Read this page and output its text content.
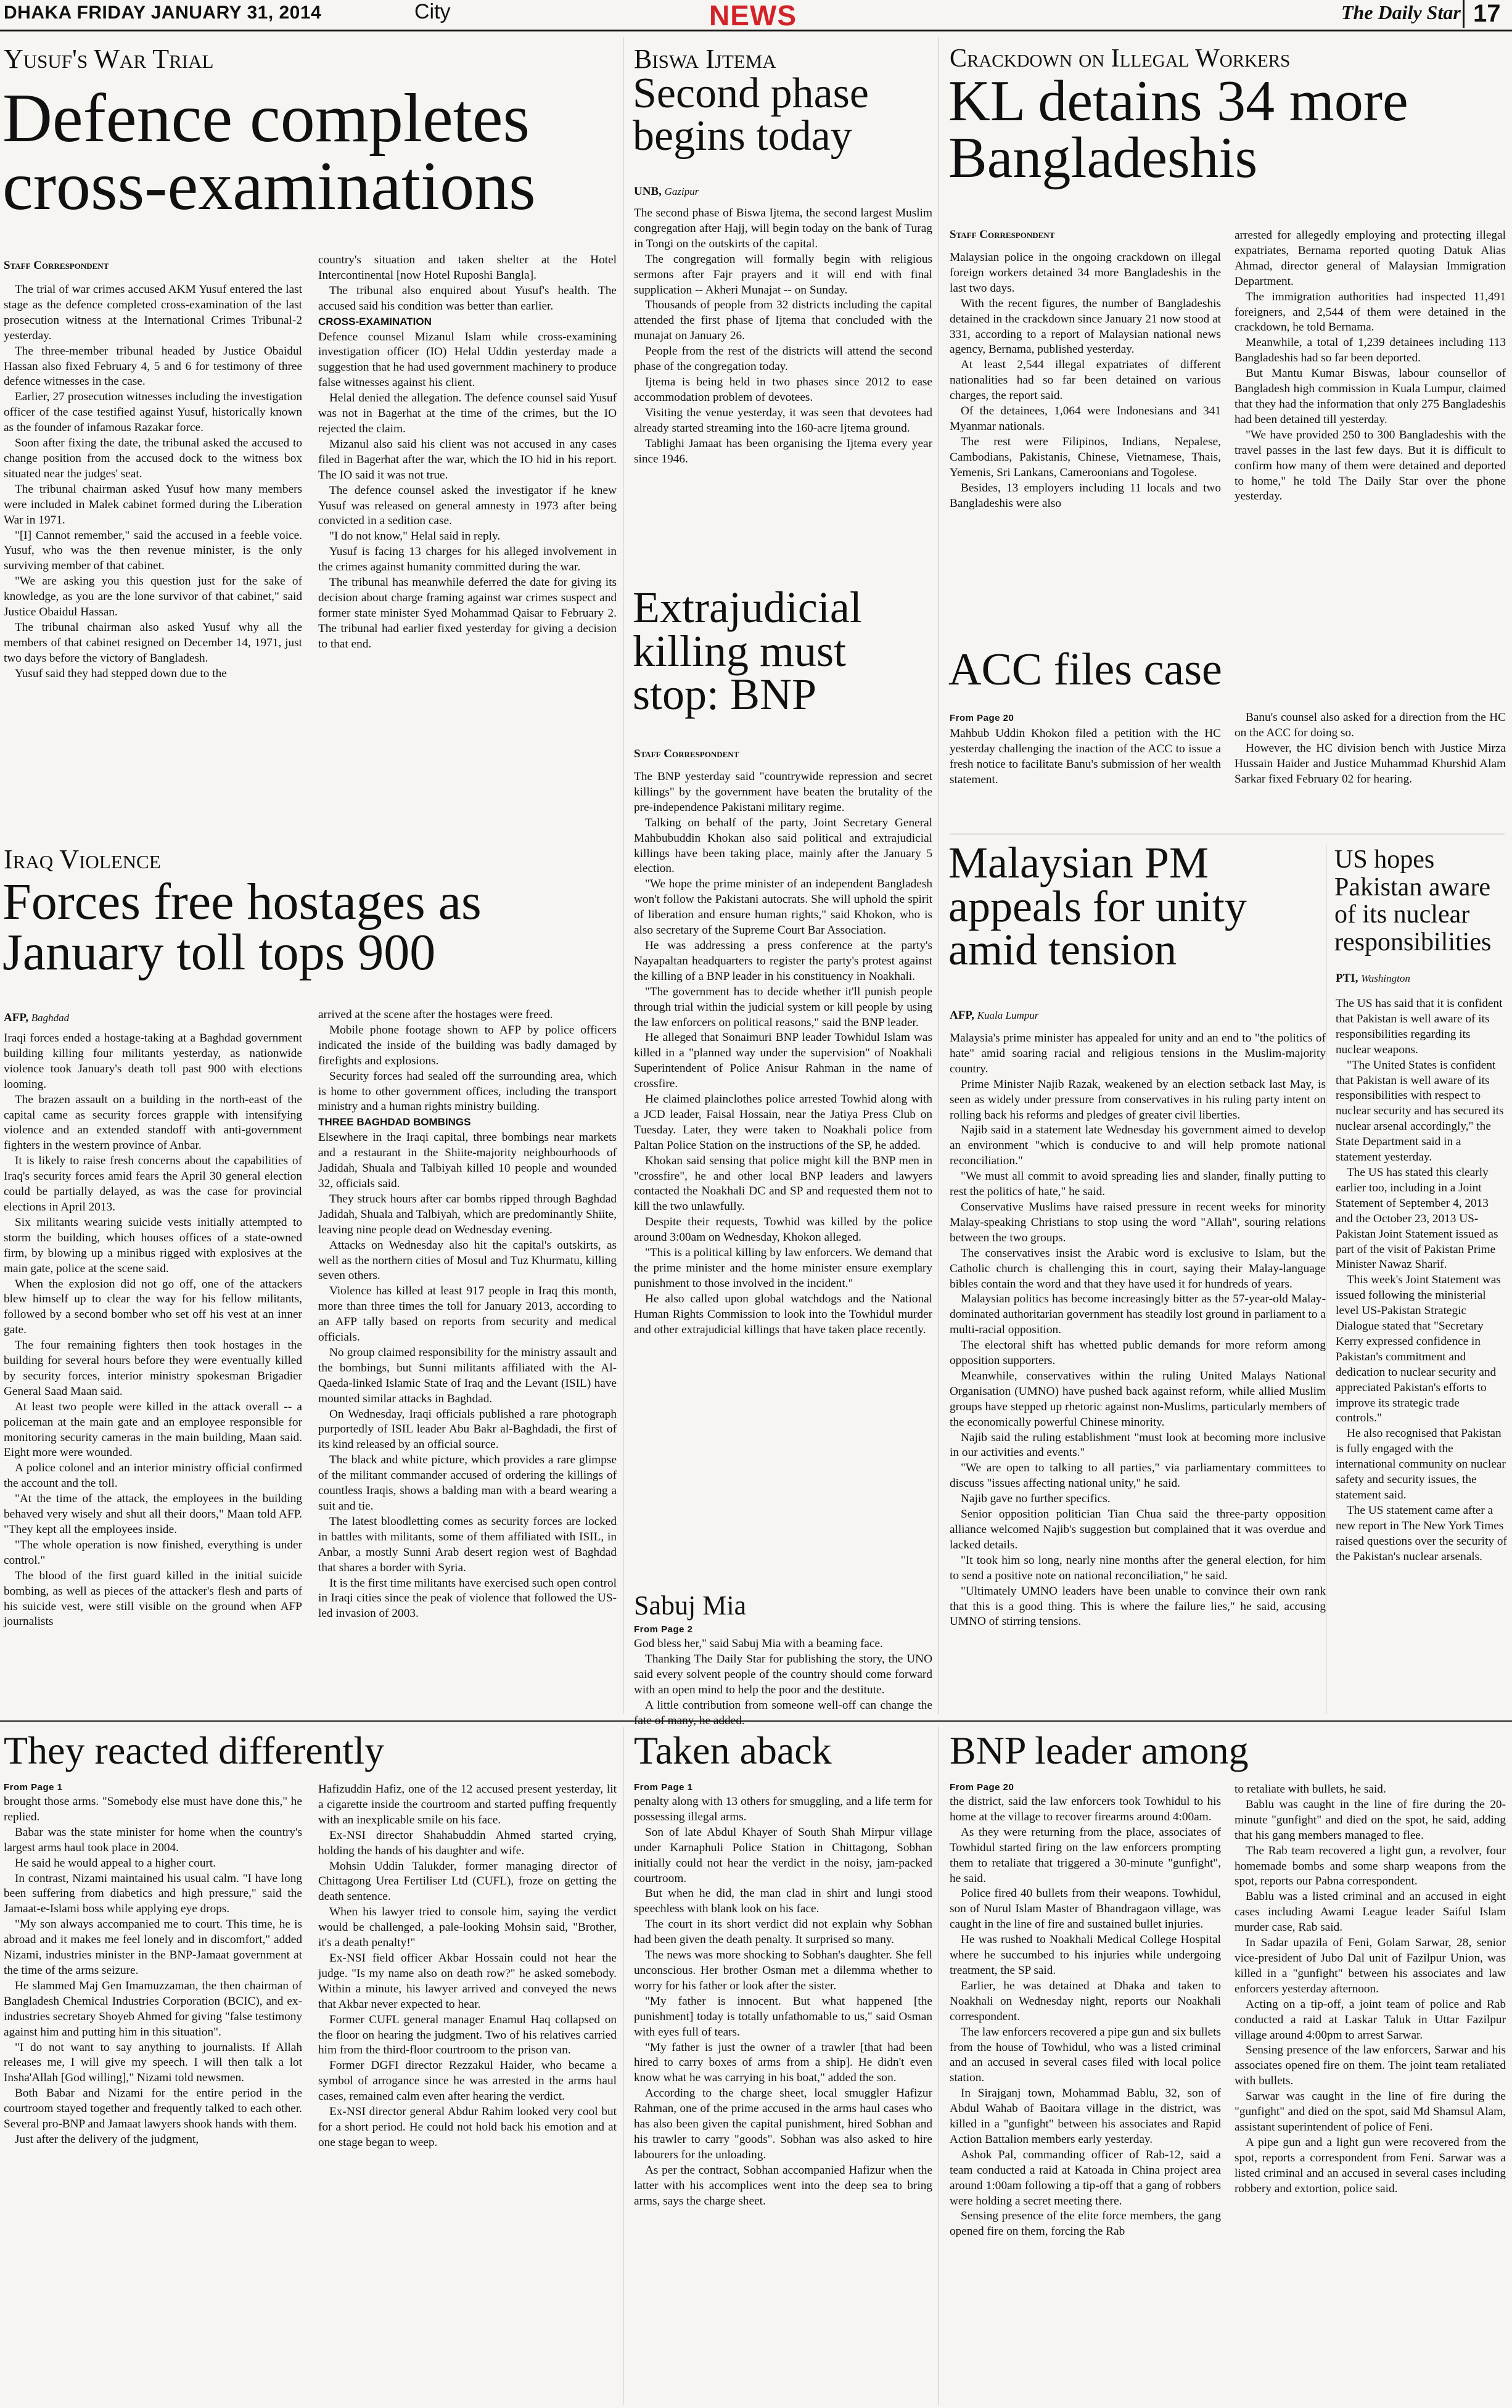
DHAKA FRIDAY JANUARY 31, 2014	City	NEWS	The Daily Star 17
Yusuf's War Trial
Defence completes cross-examinations
Staff Correspondent

The trial of war crimes accused AKM Yusuf entered the last stage as the defence completed cross-examination of the last prosecution witness at the International Crimes Tribunal-2 yesterday.

The three-member tribunal headed by Justice Obaidul Hassan also fixed February 4, 5 and 6 for testimony of three defence witnesses in the case.

Earlier, 27 prosecution witnesses including the investigation officer of the case testified against Yusuf, historically known as the founder of infamous Razakar force.

Soon after fixing the date, the tribunal asked the accused to change position from the accused dock to the witness box situated near the judges' seat.

The tribunal chairman asked Yusuf how many members were included in Malek cabinet formed during the Liberation War in 1971.

"[I] Cannot remember," said the accused in a feeble voice. Yusuf, who was the then revenue minister, is the only surviving member of that cabinet.

"We are asking you this question just for the sake of knowledge, as you are the lone survivor of that cabinet," said Justice Obaidul Hassan.

The tribunal chairman also asked Yusuf why all the members of that cabinet resigned on December 14, 1971, just two days before the victory of Bangladesh.

Yusuf said they had stepped down due to the

country's situation and taken shelter at the Hotel Intercontinental [now Hotel Ruposhi Bangla].

The tribunal also enquired about Yusuf's health. The accused said his condition was better than earlier.

CROSS-EXAMINATION

Defence counsel Mizanul Islam while cross-examining investigation officer (IO) Helal Uddin yesterday made a suggestion that he had used government machinery to produce false witnesses against his client.

Helal denied the allegation. The defence counsel said Yusuf was not in Bagerhat at the time of the crimes, but the IO rejected the claim.

Mizanul also said his client was not accused in any cases filed in Bagerhat after the war, which the IO hid in his report. The IO said it was not true.

The defence counsel asked the investigator if he knew Yusuf was released on general amnesty in 1973 after being convicted in a sedition case.

"I do not know," Helal said in reply.

Yusuf is facing 13 charges for his alleged involvement in the crimes against humanity committed during the war.

The tribunal has meanwhile deferred the date for giving its decision about charge framing against war crimes suspect and former state minister Syed Mohammad Qaisar to February 2. The tribunal had earlier fixed yesterday for giving a decision to that end.

Iraq Violence
Forces free hostages as January toll tops 900
AFP, Baghdad

Iraqi forces ended a hostage-taking at a Baghdad government building killing four militants yesterday, as nationwide violence took January's death toll past 900 with elections looming.

The brazen assault on a building in the north-east of the capital came as security forces grapple with intensifying violence and an extended standoff with anti-government fighters in the western province of Anbar.

It is likely to raise fresh concerns about the capabilities of Iraq's security forces amid fears the April 30 general election could be partially delayed, as was the case for provincial elections in April 2013.

Six militants wearing suicide vests initially attempted to storm the building, which houses offices of a state-owned firm, by blowing up a minibus rigged with explosives at the main gate, police at the scene said.

When the explosion did not go off, one of the attackers blew himself up to clear the way for his fellow militants, followed by a second bomber who set off his vest at an inner gate.

The four remaining fighters then took hostages in the building for several hours before they were eventually killed by security forces, interior ministry spokesman Brigadier General Saad Maan said.

At least two people were killed in the attack overall -- a policeman at the main gate and an employee responsible for monitoring security cameras in the main building, Maan said. Eight more were wounded.

A police colonel and an interior ministry official confirmed the account and the toll.

"At the time of the attack, the employees in the building behaved very wisely and shut all their doors," Maan told AFP. "They kept all the employees inside.

"The whole operation is now finished, everything is under control."

The blood of the first guard killed in the initial suicide bombing, as well as pieces of the attacker's flesh and parts of his suicide vest, were still visible on the ground when AFP journalists

arrived at the scene after the hostages were freed.

Mobile phone footage shown to AFP by police officers indicated the inside of the building was badly damaged by firefights and explosions.

Security forces had sealed off the surrounding area, which is home to other government offices, including the transport ministry and a human rights ministry building.

THREE BAGHDAD BOMBINGS

Elsewhere in the Iraqi capital, three bombings near markets and a restaurant in the Shiite-majority neighbourhoods of Jadidah, Shuala and Talbiyah killed 10 people and wounded 32, officials said.

They struck hours after car bombs ripped through Baghdad Jadidah, Shuala and Talbiyah, which are predominantly Shiite, leaving nine people dead on Wednesday evening.

Attacks on Wednesday also hit the capital's outskirts, as well as the northern cities of Mosul and Tuz Khurmatu, killing seven others.

Violence has killed at least 917 people in Iraq this month, more than three times the toll for January 2013, according to an AFP tally based on reports from security and medical officials.

No group claimed responsibility for the ministry assault and the bombings, but Sunni militants affiliated with the Al-Qaeda-linked Islamic State of Iraq and the Levant (ISIL) have mounted similar attacks in Baghdad.

On Wednesday, Iraqi officials published a rare photograph purportedly of ISIL leader Abu Bakr al-Baghdadi, the first of its kind released by an official source.

The black and white picture, which provides a rare glimpse of the militant commander accused of ordering the killings of countless Iraqis, shows a balding man with a beard wearing a suit and tie.

The latest bloodletting comes as security forces are locked in battles with militants, some of them affiliated with ISIL, in Anbar, a mostly Sunni Arab desert region west of Baghdad that shares a border with Syria.

It is the first time militants have exercised such open control in Iraqi cities since the peak of violence that followed the US-led invasion of 2003.

Biswa Ijtema
Second phase begins today
UNB, Gazipur

The second phase of Biswa Ijtema, the second largest Muslim congregation after Hajj, will begin today on the bank of Turag in Tongi on the outskirts of the capital.

The congregation will formally begin with religious sermons after Fajr prayers and it will end with final supplication -- Akheri Munajat -- on Sunday.

Thousands of people from 32 districts including the capital attended the first phase of Ijtema that concluded with the munajat on January 26.

People from the rest of the districts will attend the second phase of the congregation today.

Ijtema is being held in two phases since 2012 to ease accommodation problem of devotees.

Visiting the venue yesterday, it was seen that devotees had already started streaming into the 160-acre Ijtema ground.

Tablighi Jamaat has been organising the Ijtema every year since 1946.

Extrajudicial killing must stop: BNP
Staff Correspondent

The BNP yesterday said "countrywide repression and secret killings" by the government have beaten the brutality of the pre-independence Pakistani military regime.

Talking on behalf of the party, Joint Secretary General Mahbubuddin Khokan also said political and extrajudicial killings have been taking place, mainly after the January 5 election.

"We hope the prime minister of an independent Bangladesh won't follow the Pakistani autocrats. She will uphold the spirit of liberation and ensure human rights," said Khokon, who is also secretary of the Supreme Court Bar Association.

He was addressing a press conference at the party's Nayapaltan headquarters to register the party's protest against the killing of a BNP leader in his constituency in Noakhali.

"The government has to decide whether it'll punish people through trial within the judicial system or kill people by using the law enforcers on political reasons," said the BNP leader.

He alleged that Sonaimuri BNP leader Towhidul Islam was killed in a "planned way under the supervision" of Noakhali Superintendent of Police Anisur Rahman in the name of crossfire.

He claimed plainclothes police arrested Towhid along with a JCD leader, Faisal Hossain, near the Jatiya Press Club on Tuesday. Later, they were taken to Noakhali police from Paltan Police Station on the instructions of the SP, he added.

Khokan said sensing that police might kill the BNP men in "crossfire", he and other local BNP leaders and lawyers contacted the Noakhali DC and SP and requested them not to kill the two unlawfully.

Despite their requests, Towhid was killed by the police around 3:00am on Wednesday, Khokon alleged.

"This is a political killing by law enforcers. We demand that the prime minister and the home minister ensure exemplary punishment to those involved in the incident."

He also called upon global watchdogs and the National Human Rights Commission to look into the Towhidul murder and other extrajudicial killings that have taken place recently.

Sabuj Mia
From Page 2

God bless her," said Sabuj Mia with a beaming face.

Thanking The Daily Star for publishing the story, the UNO said every solvent people of the country should come forward with an open mind to help the poor and the destitute.

A little contribution from someone well-off can change the fate of many, he added.

Crackdown on Illegal Workers
KL detains 34 more Bangladeshis
Staff Correspondent

Malaysian police in the ongoing crackdown on illegal foreign workers detained 34 more Bangladeshis in the last two days.

With the recent figures, the number of Bangladeshis detained in the crackdown since January 21 now stood at 331, according to a report of Malaysian national news agency, Bernama, published yesterday.

At least 2,544 illegal expatriates of different nationalities had so far been detained on various charges, the report said.

Of the detainees, 1,064 were Indonesians and 341 Myanmar nationals.

The rest were Filipinos, Indians, Nepalese, Cambodians, Pakistanis, Chinese, Vietnamese, Thais, Yemenis, Sri Lankans, Cameroonians and Togolese.

Besides, 13 employers including 11 locals and two Bangladeshis were also

arrested for allegedly employing and protecting illegal expatriates, Bernama reported quoting Datuk Alias Ahmad, director general of Malaysian Immigration Department.

The immigration authorities had inspected 11,491 foreigners, and 2,544 of them were detained in the crackdown, he told Bernama.

Meanwhile, a total of 1,239 detainees including 113 Bangladeshis had so far been deported.

But Mantu Kumar Biswas, labour counsellor of Bangladesh high commission in Kuala Lumpur, claimed that they had the information that only 275 Bangladeshis had been detained till yesterday.

"We have provided 250 to 300 Bangladeshis with the travel passes in the last few days. But it is difficult to confirm how many of them were detained and deported to home," he told The Daily Star over the phone yesterday.

ACC files case
From Page 20

Mahbub Uddin Khokon filed a petition with the HC yesterday challenging the inaction of the ACC to issue a fresh notice to facilitate Banu's submission of her wealth statement.

Banu's counsel also asked for a direction from the HC on the ACC for doing so.

However, the HC division bench with Justice Mirza Hussain Haider and Justice Muhammad Khurshid Alam Sarkar fixed February 02 for hearing.

Malaysian PM appeals for unity amid tension
AFP, Kuala Lumpur

Malaysia's prime minister has appealed for unity and an end to "the politics of hate" amid soaring racial and religious tensions in the Muslim-majority country.

Prime Minister Najib Razak, weakened by an election setback last May, is seen as widely under pressure from conservatives in his ruling party intent on rolling back his reforms and pledges of greater civil liberties.

Najib said in a statement late Wednesday his government aimed to develop an environment "which is conducive to and will help promote national reconciliation."

"We must all commit to avoid spreading lies and slander, finally putting to rest the politics of hate," he said.

Conservative Muslims have raised pressure in recent weeks for minority Malay-speaking Christians to stop using the word "Allah", souring relations between the two groups.

The conservatives insist the Arabic word is exclusive to Islam, but the Catholic church is challenging this in court, saying their Malay-language bibles contain the word and that they have used it for hundreds of years.

Malaysian politics has become increasingly bitter as the 57-year-old Malay-dominated authoritarian government has steadily lost ground in parliament to a multi-racial opposition.

The electoral shift has whetted public demands for more reform among opposition supporters.

Meanwhile, conservatives within the ruling United Malays National Organisation (UMNO) have pushed back against reform, while allied Muslim groups have stepped up rhetoric against non-Muslims, particularly members of the economically powerful Chinese minority.

Najib said the ruling establishment "must look at becoming more inclusive in our activities and events."

"We are open to talking to all parties," via parliamentary committees to discuss "issues affecting national unity," he said.

Najib gave no further specifics.

Senior opposition politician Tian Chua said the three-party opposition alliance welcomed Najib's suggestion but complained that it was overdue and lacked details.

"It took him so long, nearly nine months after the general election, for him to send a positive note on national reconciliation," he said.

"Ultimately UMNO leaders have been unable to convince their own rank that this is a good thing. This is where the failure lies," he said, accusing UMNO of stirring tensions.

US hopes Pakistan aware of its nuclear responsibilities
PTI, Washington

The US has said that it is confident that Pakistan is well aware of its responsibilities regarding its nuclear weapons.

"The United States is confident that Pakistan is well aware of its responsibilities with respect to nuclear security and has secured its nuclear arsenal accordingly," the State Department said in a statement yesterday.

The US has stated this clearly earlier too, including in a Joint Statement of September 4, 2013 and the October 23, 2013 US-Pakistan Joint Statement issued as part of the visit of Pakistan Prime Minister Nawaz Sharif.

This week's Joint Statement was issued following the ministerial level US-Pakistan Strategic Dialogue stated that "Secretary Kerry expressed confidence in Pakistan's commitment and dedication to nuclear security and appreciated Pakistan's efforts to improve its strategic trade controls."

He also recognised that Pakistan is fully engaged with the international community on nuclear safety and security issues, the statement said.

The US statement came after a new report in The New York Times raised questions over the security of the Pakistan's nuclear arsenals.

They reacted differently
From Page 1

brought those arms. "Somebody else must have done this," he replied.

Babar was the state minister for home when the country's largest arms haul took place in 2004.

He said he would appeal to a higher court.

In contrast, Nizami maintained his usual calm. "I have long been suffering from diabetics and high pressure," said the Jamaat-e-Islami boss while applying eye drops.

"My son always accompanied me to court. This time, he is abroad and it makes me feel lonely and in discomfort," added Nizami, industries minister in the BNP-Jamaat government at the time of the arms seizure.

He slammed Maj Gen Imamuzzaman, the then chairman of Bangladesh Chemical Industries Corporation (BCIC), and ex-industries secretary Shoyeb Ahmed for giving "false testimony against him and putting him in this situation".

"I do not want to say anything to journalists. If Allah releases me, I will give my speech. I will then talk a lot Insha'Allah [God willing]," Nizami told newsmen.

Both Babar and Nizami for the entire period in the courtroom stayed together and frequently talked to each other. Several pro-BNP and Jamaat lawyers shook hands with them.

Just after the delivery of the judgment,

Hafizuddin Hafiz, one of the 12 accused present yesterday, lit a cigarette inside the courtroom and started puffing frequently with an inexplicable smile on his face.

Ex-NSI director Shahabuddin Ahmed started crying, holding the hands of his daughter and wife.

Mohsin Uddin Talukder, former managing director of Chittagong Urea Fertiliser Ltd (CUFL), froze on getting the death sentence.

When his lawyer tried to console him, saying the verdict would be challenged, a pale-looking Mohsin said, "Brother, it's a death penalty!"

Ex-NSI field officer Akbar Hossain could not hear the judge. "Is my name also on death row?" he asked somebody. Within a minute, his lawyer arrived and conveyed the news that Akbar never expected to hear.

Former CUFL general manager Enamul Haq collapsed on the floor on hearing the judgment. Two of his relatives carried him from the third-floor courtroom to the prison van.

Former DGFI director Rezzakul Haider, who became a symbol of arrogance since he was arrested in the arms haul cases, remained calm even after hearing the verdict.

Ex-NSI director general Abdur Rahim looked very cool but for a short period. He could not hold back his emotion and at one stage began to weep.

Taken aback
From Page 1

penalty along with 13 others for smuggling, and a life term for possessing illegal arms.

Son of late Abdul Khayer of South Shah Mirpur village under Karnaphuli Police Station in Chittagong, Sobhan initially could not hear the verdict in the noisy, jam-packed courtroom.

But when he did, the man clad in shirt and lungi stood speechless with blank look on his face.

The court in its short verdict did not explain why Sobhan had been given the death penalty. It surprised so many.

The news was more shocking to Sobhan's daughter. She fell unconscious. Her brother Osman met a dilemma whether to worry for his father or look after the sister.

"My father is innocent. But what happened [the punishment] today is totally unfathomable to us," said Osman with eyes full of tears.

"My father is just the owner of a trawler [that had been hired to carry boxes of arms from a ship]. He didn't even know what he was carrying in his boat," added the son.

According to the charge sheet, local smuggler Hafizur Rahman, one of the prime accused in the arms haul cases who has also been given the capital punishment, hired Sobhan and his trawler to carry "goods". Sobhan was also asked to hire labourers for the unloading.

As per the contract, Sobhan accompanied Hafizur when the latter with his accomplices went into the deep sea to bring arms, says the charge sheet.

BNP leader among
From Page 20

the district, said the law enforcers took Towhidul to his home at the village to recover firearms around 4:00am.

As they were returning from the place, associates of Towhidul started firing on the law enforcers prompting them to retaliate that triggered a 30-minute "gunfight", he said.

Police fired 40 bullets from their weapons. Towhidul, son of Nurul Islam Master of Bhandragaon village, was caught in the line of fire and sustained bullet injuries.

He was rushed to Noakhali Medical College Hospital where he succumbed to his injuries while undergoing treatment, the SP said.

Earlier, he was detained at Dhaka and taken to Noakhali on Wednesday night, reports our Noakhali correspondent.

The law enforcers recovered a pipe gun and six bullets from the house of Towhidul, who was a listed criminal and an accused in several cases filed with local police station.

In Sirajganj town, Mohammad Bablu, 32, son of Abdul Wahab of Baoitara village in the district, was killed in a "gunfight" between his associates and Rapid Action Battalion members early yesterday.

Ashok Pal, commanding officer of Rab-12, said a team conducted a raid at Katoada in China project area around 1:00am following a tip-off that a gang of robbers were holding a secret meeting there.

Sensing presence of the elite force members, the gang opened fire on them, forcing the Rab

to retaliate with bullets, he said.

Bablu was caught in the line of fire during the 20-minute "gunfight" and died on the spot, he said, adding that his gang members managed to flee.

The Rab team recovered a light gun, a revolver, four homemade bombs and some sharp weapons from the spot, reports our Pabna correspondent.

Bablu was a listed criminal and an accused in eight cases including Awami League leader Saiful Islam murder case, Rab said.

In Sadar upazila of Feni, Golam Sarwar, 28, senior vice-president of Jubo Dal unit of Fazilpur Union, was killed in a "gunfight" between his associates and law enforcers yesterday afternoon.

Acting on a tip-off, a joint team of police and Rab conducted a raid at Laskar Taluk in Uttar Fazilpur village around 4:00pm to arrest Sarwar.

Sensing presence of the law enforcers, Sarwar and his associates opened fire on them. The joint team retaliated with bullets.

Sarwar was caught in the line of fire during the "gunfight" and died on the spot, said Md Shamsul Alam, assistant superintendent of police of Feni.

A pipe gun and a light gun were recovered from the spot, reports a correspondent from Feni. Sarwar was a listed criminal and an accused in several cases including robbery and extortion, police said.
